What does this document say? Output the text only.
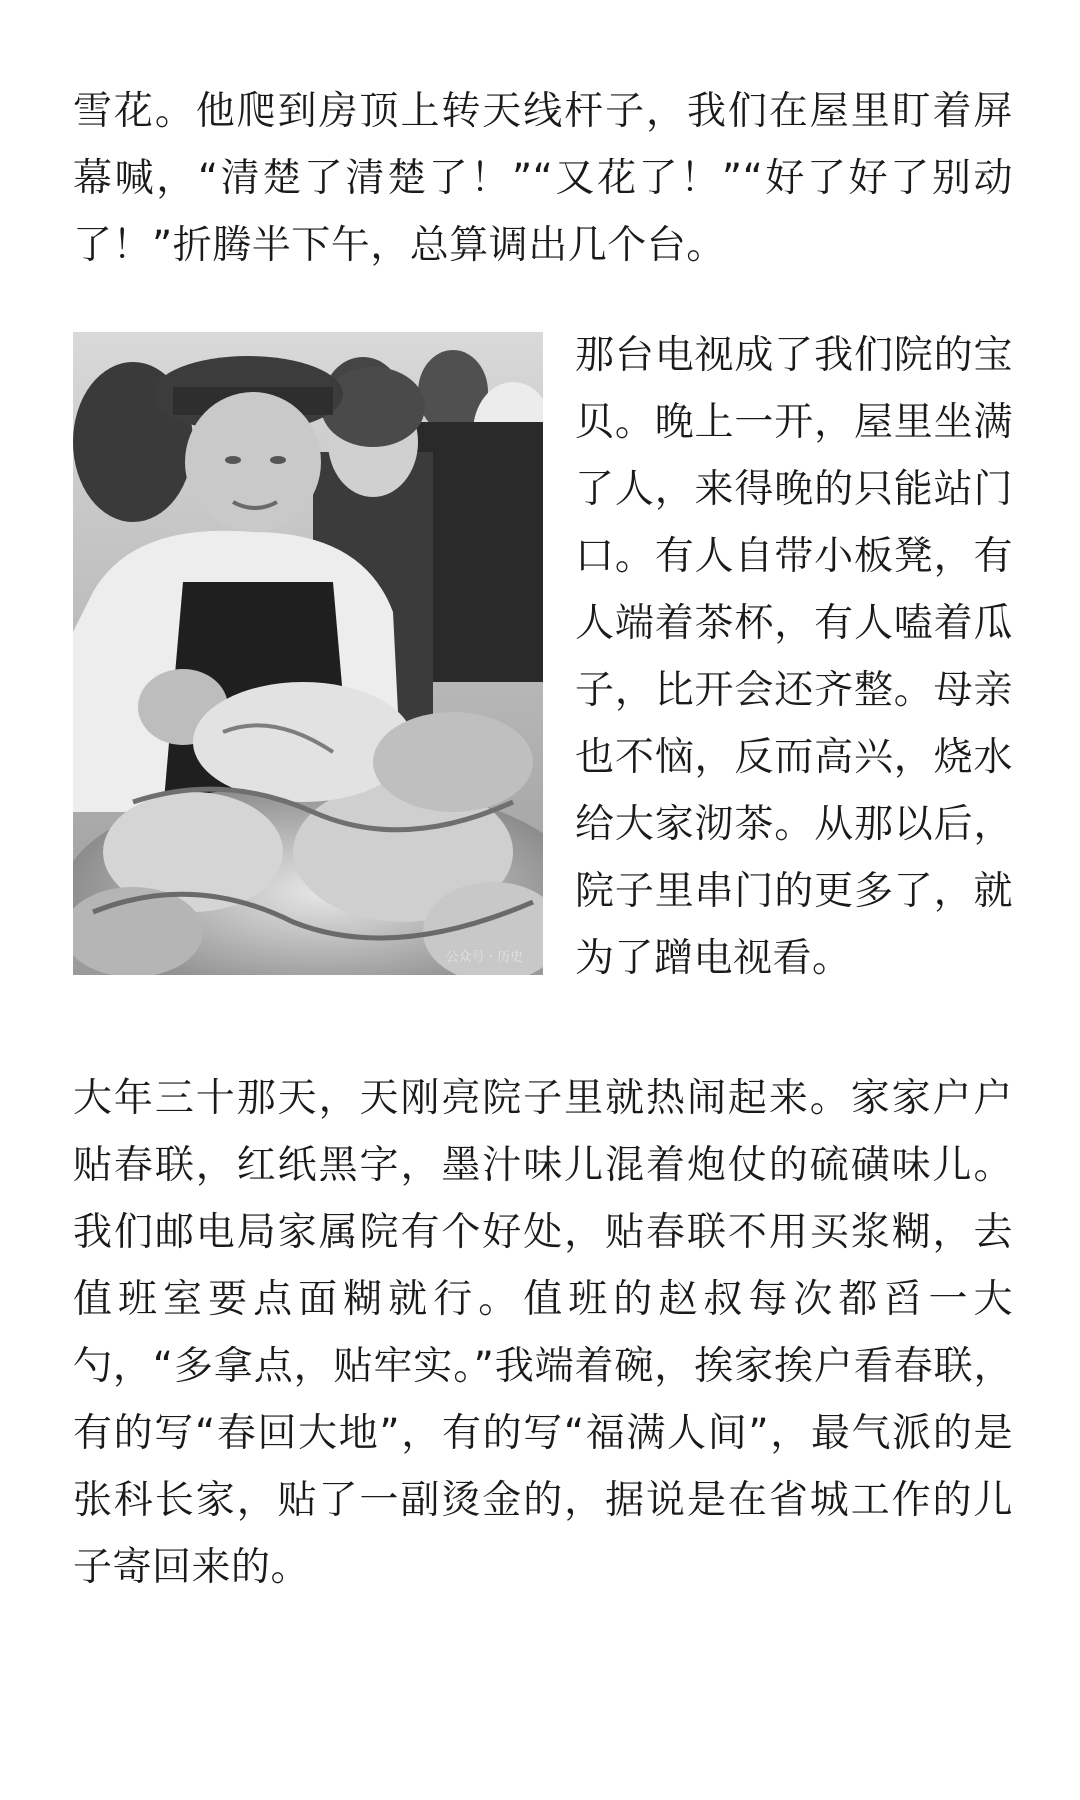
雪花。他爬到房顶上转天线杆子，我们在屋里盯着屏幕喊，“清楚了清楚了！”“又花了！”“好了好了别动了！”折腾半下午，总算调出几个台。

公众号 · 历史

那台电视成了我们院的宝贝。晚上一开，屋里坐满了人，来得晚的只能站门口。有人自带小板凳，有人端着茶杯，有人嗑着瓜子，比开会还齐整。母亲也不恼，反而高兴，烧水给大家沏茶。从那以后，院子里串门的更多了，就为了蹭电视看。

大年三十那天，天刚亮院子里就热闹起来。家家户户贴春联，红纸黑字，墨汁味儿混着炮仗的硫磺味儿。我们邮电局家属院有个好处，贴春联不用买浆糊，去值班室要点面糊就行。值班的赵叔每次都舀一大勺，“多拿点，贴牢实。”我端着碗，挨家挨户看春联，有的写“春回大地”，有的写“福满人间”，最气派的是张科长家，贴了一副烫金的，据说是在省城工作的儿子寄回来的。
